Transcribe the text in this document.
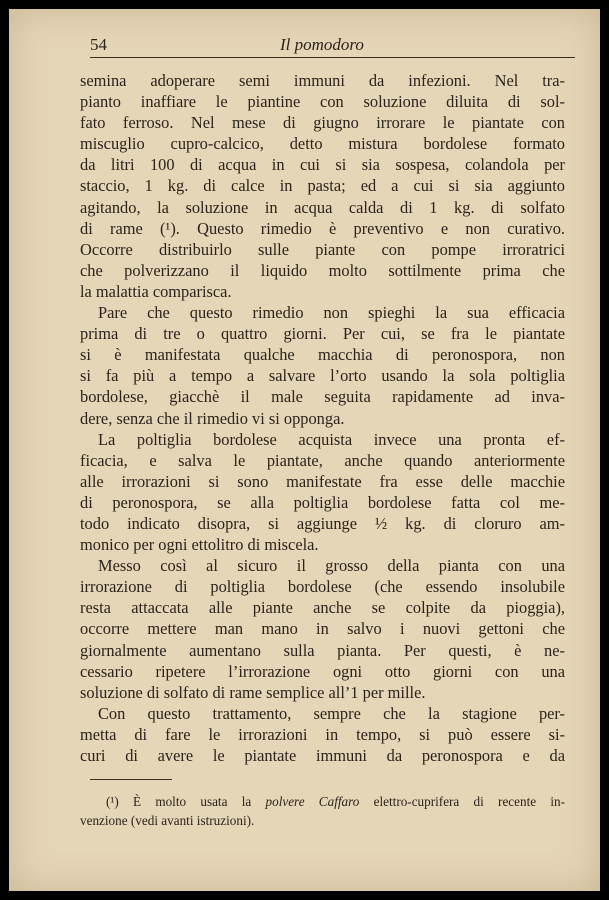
54	Il pomodoro

semina adoperare semi immuni da infezioni. Nel tra-
pianto inaffiare le piantine con soluzione diluita di sol-
fato ferroso. Nel mese di giugno irrorare le piantate con
miscuglio cupro-calcico, detto mistura bordolese formato
da litri 100 di acqua in cui si sia sospesa, colandola per
staccio, 1 kg. di calce in pasta; ed a cui si sia aggiunto
agitando, la soluzione in acqua calda di 1 kg. di solfato
di rame (¹). Questo rimedio è preventivo e non curativo.
Occorre distribuirlo sulle piante con pompe irroratrici
che polverizzano il liquido molto sottilmente prima che
la malattia comparisca.

Pare che questo rimedio non spieghi la sua efficacia
prima di tre o quattro giorni. Per cui, se fra le piantate
si è manifestata qualche macchia di peronospora, non
si fa più a tempo a salvare l’orto usando la sola poltiglia
bordolese, giacchè il male seguita rapidamente ad inva-
dere, senza che il rimedio vi si opponga.

La poltiglia bordolese acquista invece una pronta ef-
ficacia, e salva le piantate, anche quando anteriormente
alle irrorazioni si sono manifestate fra esse delle macchie
di peronospora, se alla poltiglia bordolese fatta col me-
todo indicato disopra, si aggiunge ½ kg. di cloruro am-
monico per ogni ettolitro di miscela.

Messo così al sicuro il grosso della pianta con una
irrorazione di poltiglia bordolese (che essendo insolubile
resta attaccata alle piante anche se colpite da pioggia),
occorre mettere man mano in salvo i nuovi gettoni che
giornalmente aumentano sulla pianta. Per questi, è ne-
cessario ripetere l’irrorazione ogni otto giorni con una
soluzione di solfato di rame semplice all’1 per mille.

Con questo trattamento, sempre che la stagione per-
metta di fare le irrorazioni in tempo, si può essere si-
curi di avere le piantate immuni da peronospora e da

(¹) È molto usata la polvere Caffaro elettro-cuprifera di recente in-
venzione (vedi avanti istruzioni).
